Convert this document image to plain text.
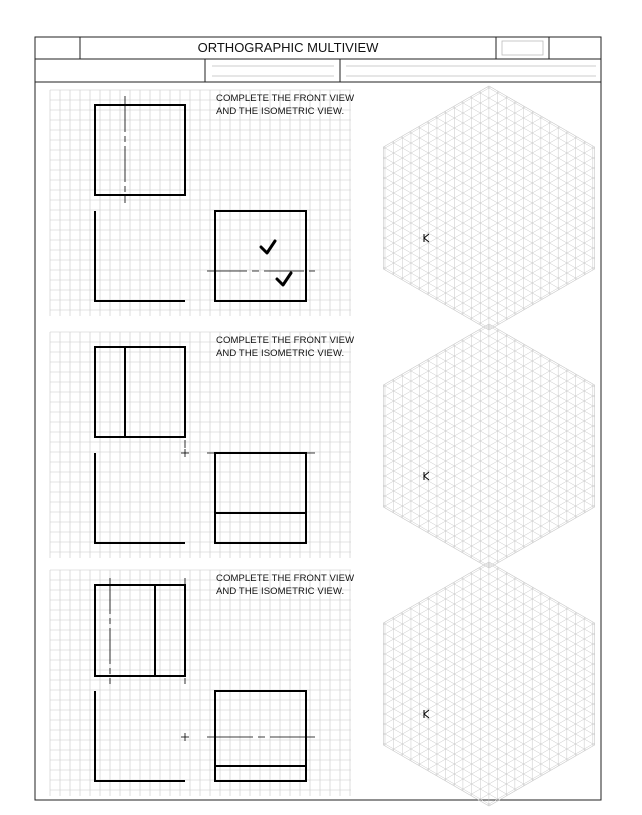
ORTHOGRAPHIC MULTIVIEW
COMPLETE THE FRONT VIEW
AND THE ISOMETRIC VIEW.
COMPLETE THE FRONT VIEW
AND THE ISOMETRIC VIEW.
COMPLETE THE FRONT VIEW
AND THE ISOMETRIC VIEW.
